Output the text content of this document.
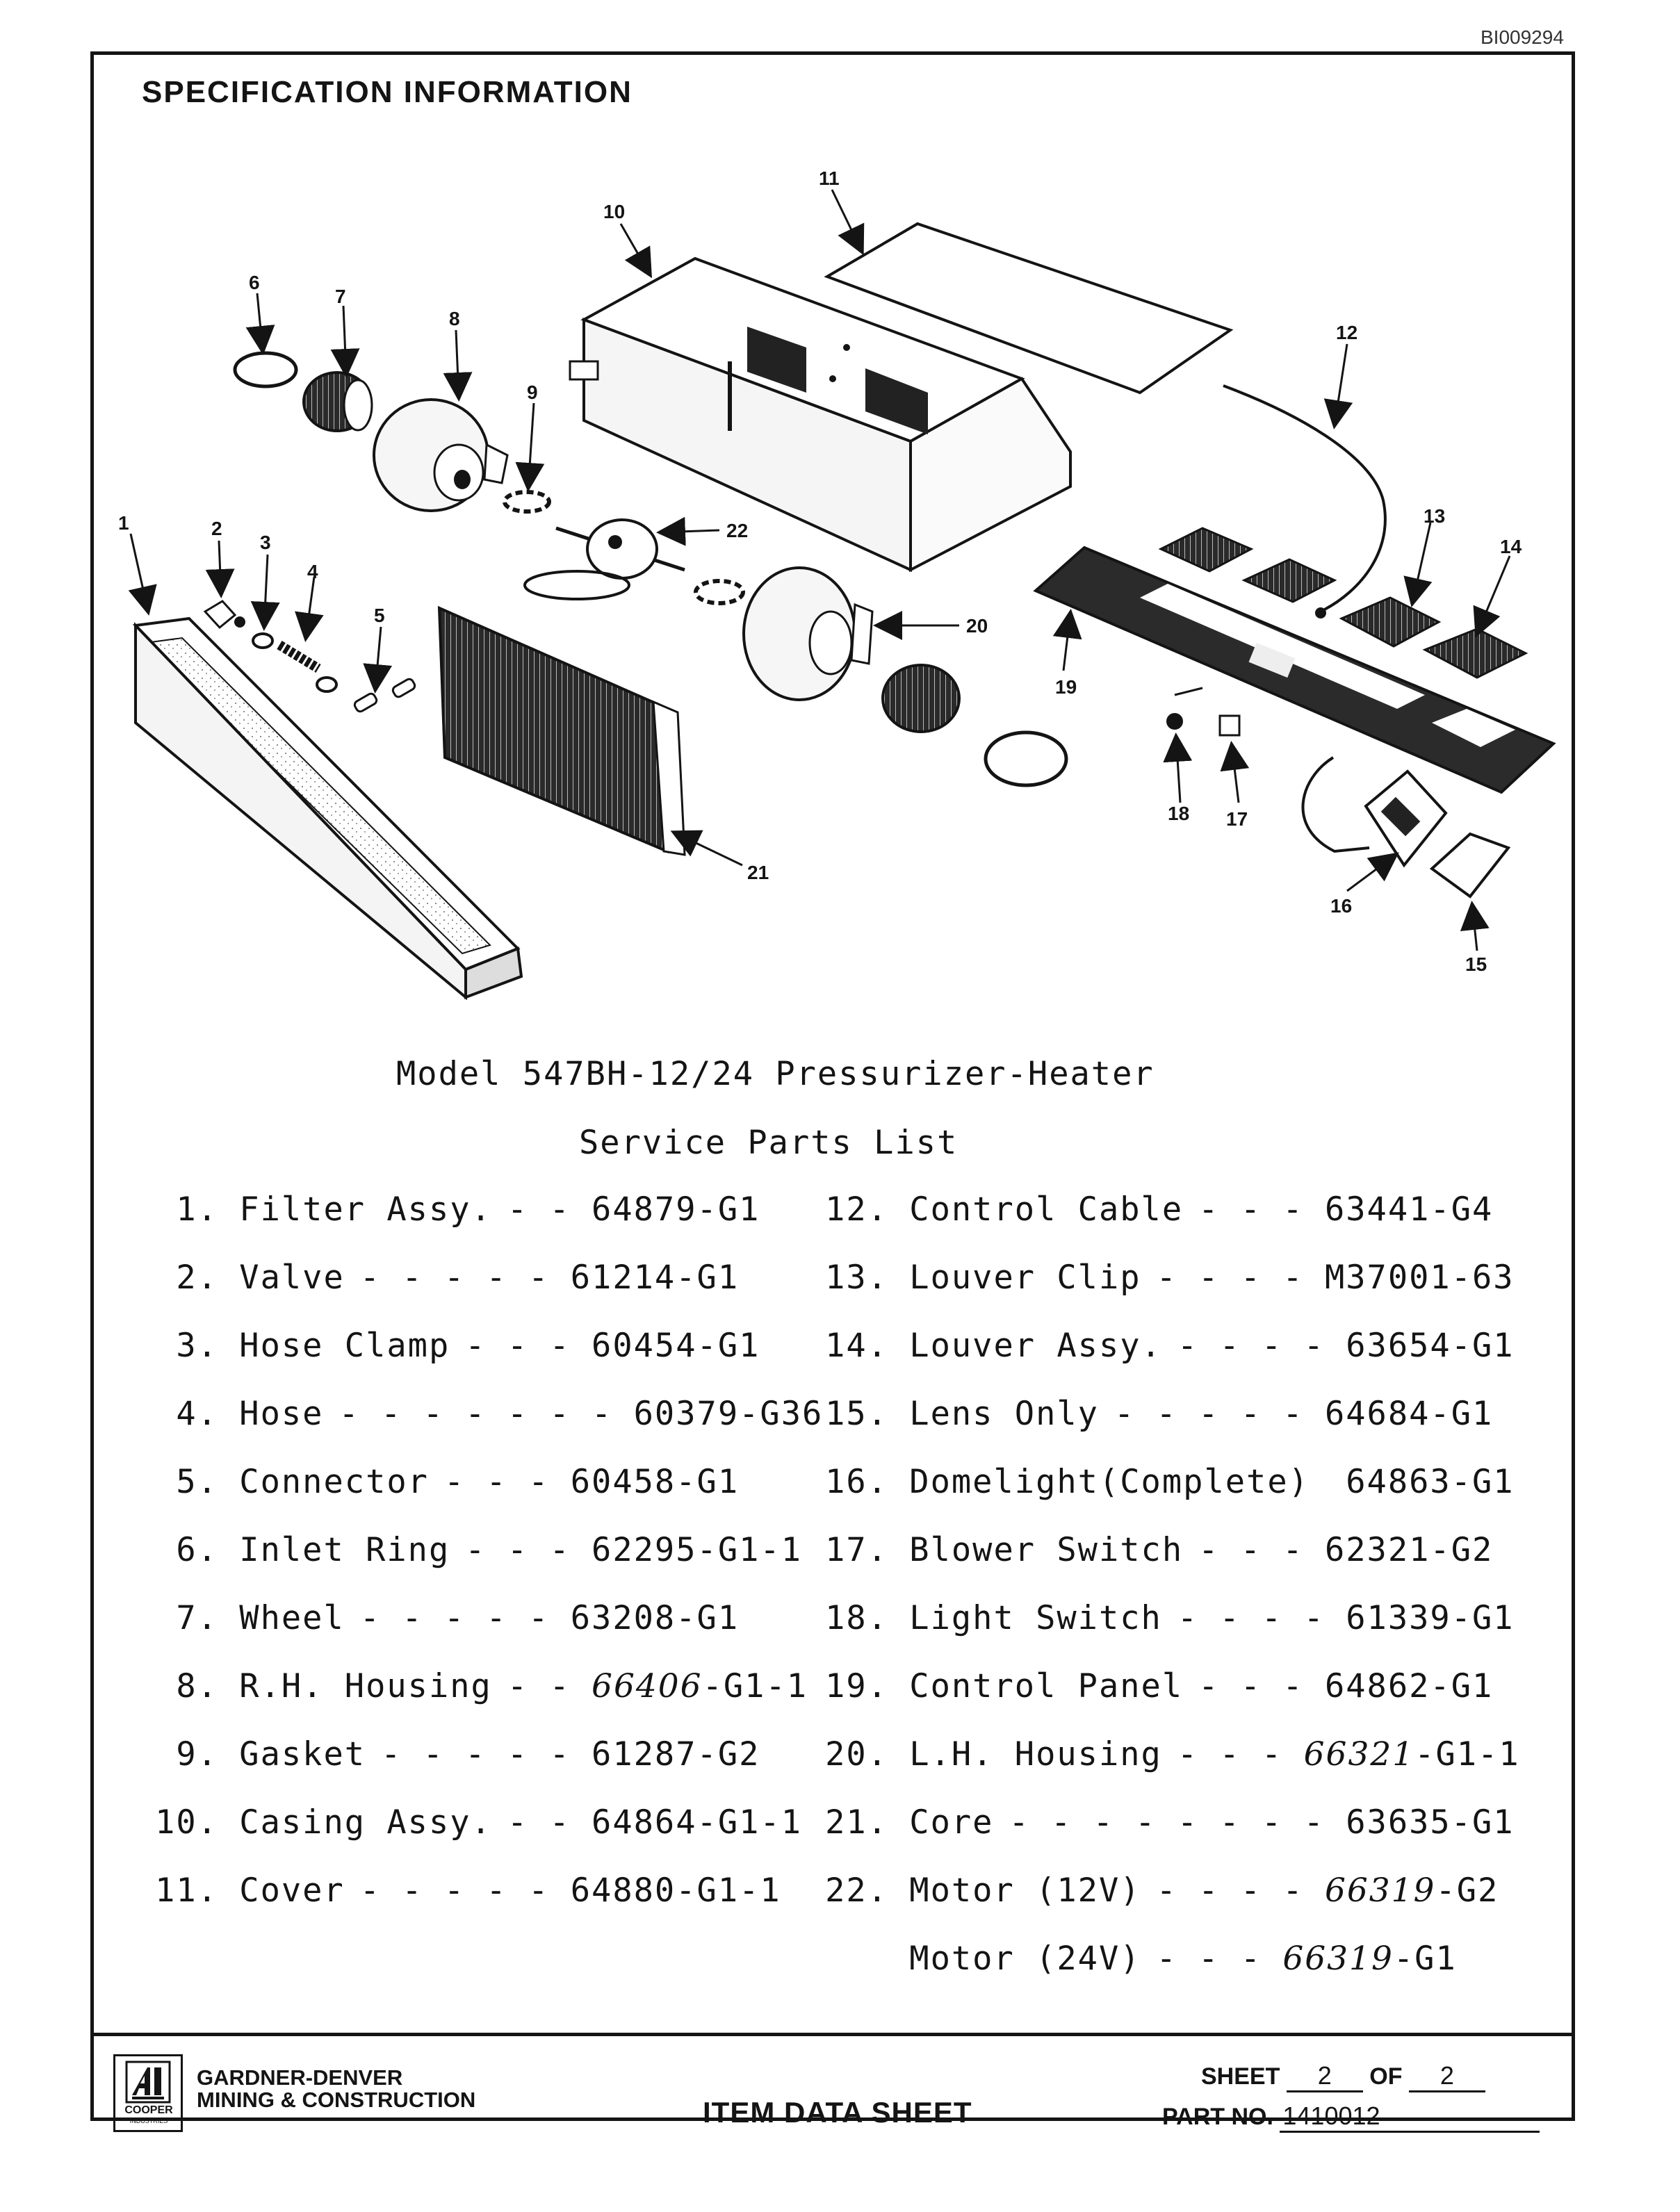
BI009294
SPECIFICATION INFORMATION
1	2
3
4
5
6
7
8
9
10
11
12
13
14
15
16
17
18
19
20
21
22
Model 547BH-12/24 Pressurizer-Heater
Service Parts List
1. Filter Assy. - - 64879-G1
2. Valve - - - - - 61214-G1
3. Hose Clamp - - - 60454-G1
4. Hose - - - - - - - 60379-G36
5. Connector - - - 60458-G1
6. Inlet Ring - - - 62295-G1-1
7. Wheel - - - - - 63208-G1
8. R.H. Housing - - 66406-G1-1
9. Gasket - - - - - 61287-G2
10. Casing Assy. - - 64864-G1-1
11. Cover - - - - - 64880-G1-1
12. Control Cable - - - 63441-G4
13. Louver Clip - - - - M37001-63
14. Louver Assy. - - - - 63654-G1
15. Lens Only - - - - - 64684-G1
16. Domelight(Complete) 64863-G1
17. Blower Switch - - - 62321-G2
18. Light Switch - - - - 61339-G1
19. Control Panel - - - 64862-G1
20. L.H. Housing - - - 66321-G1-1
21. Core - - - - - - - - 63635-G1
22. Motor (12V) - - - - 66319-G2
Motor (24V) - - - 66319-G1
COOPER
INDUSTRIES
GARDNER-DENVER
MINING & CONSTRUCTION	ITEM DATA SHEET
SHEET 2 OF 2
PART NO. 1410012
